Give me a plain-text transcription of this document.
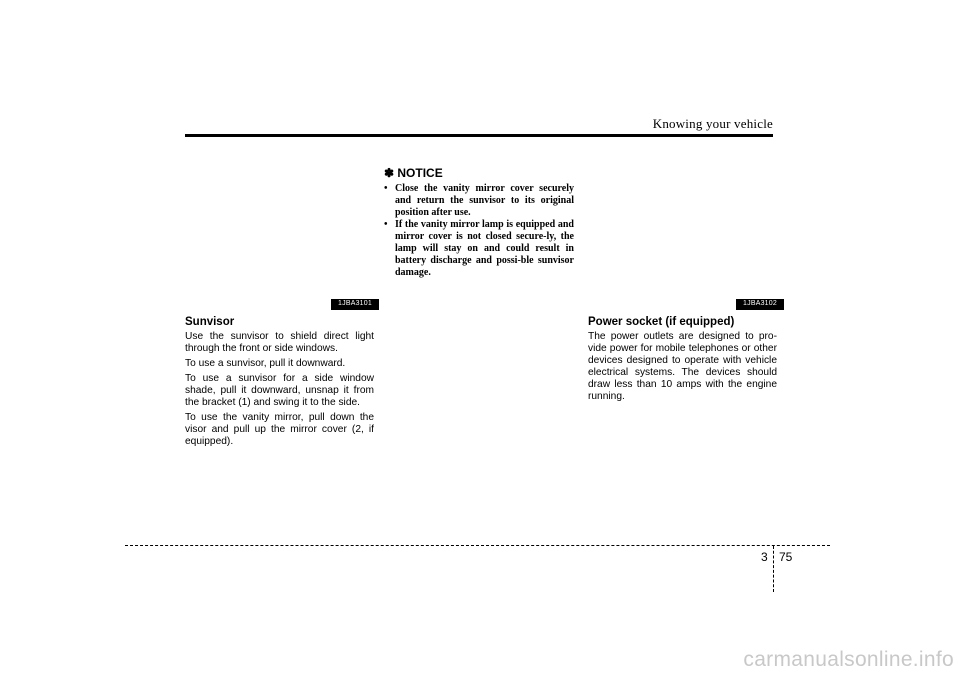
Knowing your vehicle
✽ NOTICE
• Close the vanity mirror cover securely and return the sunvisor to its original position after use.
• If the vanity mirror lamp is equipped and mirror cover is not closed secure-ly, the lamp will stay on and could result in battery discharge and possi-ble sunvisor damage.
1JBA3101	1JBA3102
Sunvisor

Use the sunvisor to shield direct light through the front or side windows.

To use a sunvisor, pull it downward.

To use a sunvisor for a side window shade, pull it downward, unsnap it from the bracket (1) and swing it to the side.

To use the vanity mirror, pull down the visor and pull up the mirror cover (2, if equipped).

Power socket (if equipped)

The power outlets are designed to pro-vide power for mobile telephones or other devices designed to operate with vehicle electrical systems. The devices should draw less than 10 amps with the engine running.

3 75
carmanualsonline.info
